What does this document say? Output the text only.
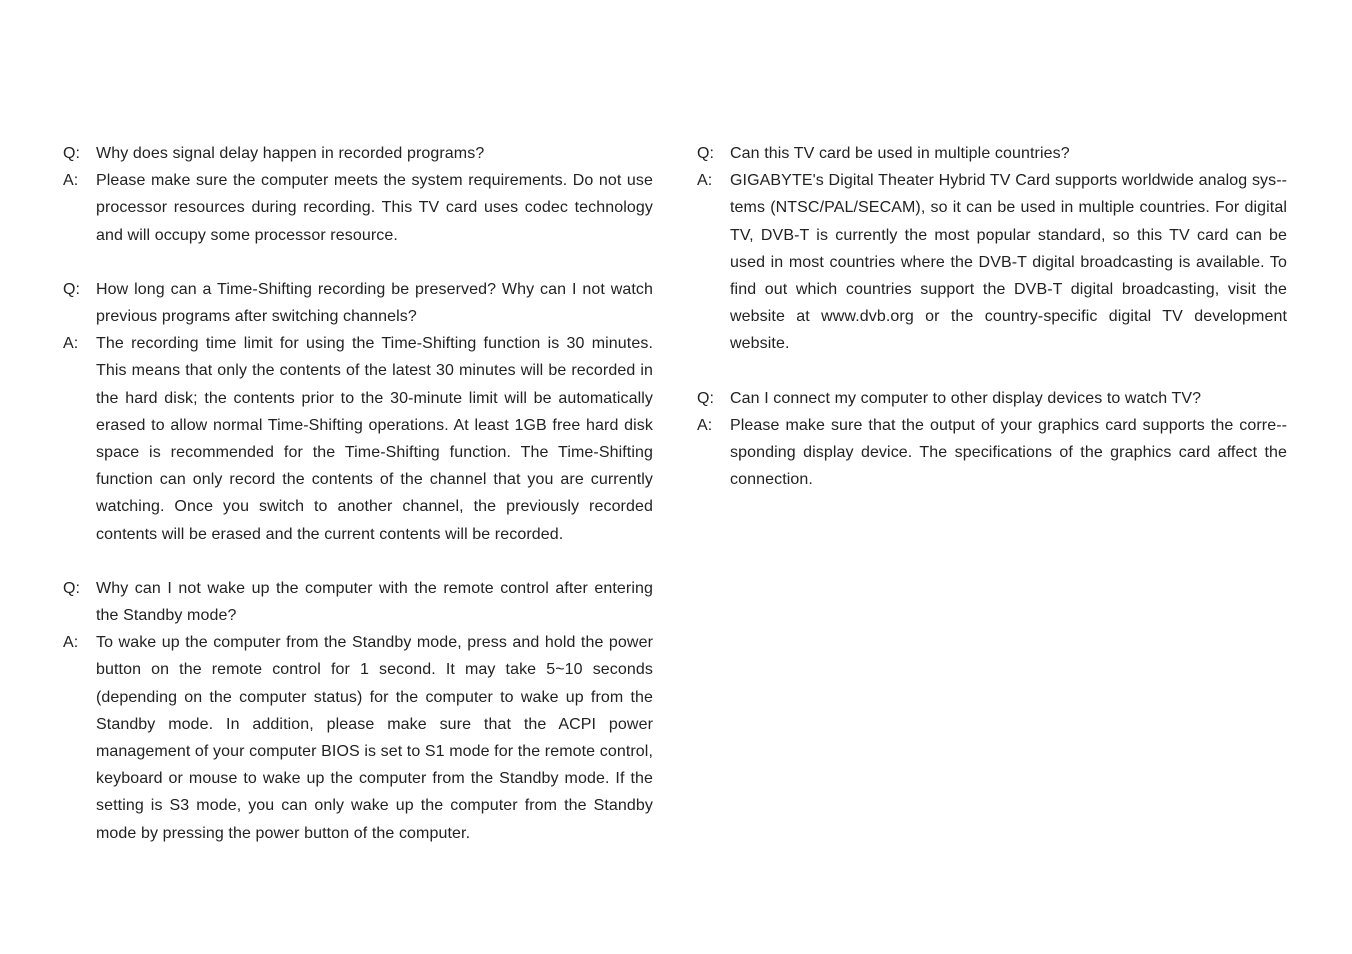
Q: Why does signal delay happen in recorded programs?
A:	Please make sure the computer meets the system requirements. Do not use processor resources during recording. This TV card uses codec technology and will occupy some processor resource.
Q: How long can a Time-Shifting recording be preserved? Why can I not watch previous programs after switching channels?
A:	The recording time limit for using the Time-Shifting function is 30 minutes. This means that only the contents of the latest 30 minutes will be recorded in the hard disk; the contents prior to the 30-minute limit will be automatically erased to allow normal Time-Shifting operations. At least 1GB free hard disk space is recommended for the Time-Shifting function. The Time-Shifting function can only record the contents of the channel that you are currently watching. Once you switch to another channel, the previously recorded contents will be erased and the current contents will be recorded.
Q: Why can I not wake up the computer with the remote control after entering the Standby mode?
A:	To wake up the computer from the Standby mode, press and hold the power button on the remote control for 1 second. It may take 5~10 seconds (depending on the computer status) for the computer to wake up from the Standby mode. In addition, please make sure that the ACPI power management of your computer BIOS is set to S1 mode for the remote control, keyboard or mouse to wake up the computer from the Standby mode. If the setting is S3 mode, you can only wake up the computer from the Standby mode by pressing the power button of the computer.
Q: Can this TV card be used in multiple countries?
A:	GIGABYTE's Digital Theater Hybrid TV Card supports worldwide analog sys-tems (NTSC/PAL/SECAM), so it can be used in multiple countries. For digital TV, DVB-T is currently the most popular standard, so this TV card can be used in most countries where the DVB-T digital broadcasting is available. To find out which countries support the DVB-T digital broadcasting, visit the website at www.dvb.org or the country-specific digital TV development website.
Q: Can I connect my computer to other display devices to watch TV?
A:	Please make sure that the output of your graphics card supports the corre-sponding display device. The specifications of the graphics card affect the connection.
